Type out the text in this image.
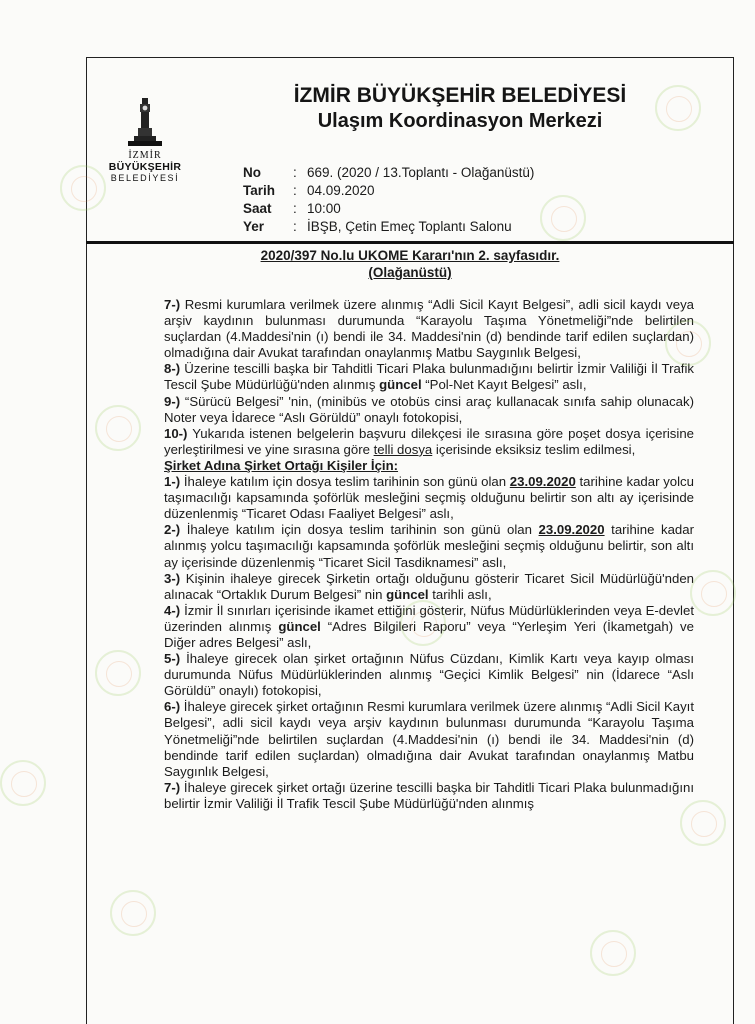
İZMİR
BÜYÜKŞEHİR
BELEDİYESİ
İZMİR BÜYÜKŞEHİR BELEDİYESİ
Ulaşım Koordinasyon Merkezi
No	: 669. (2020 / 13.Toplantı - Olağanüstü)
Tarih	: 04.09.2020
Saat	: 10:00
Yer	: İBŞB, Çetin Emeç Toplantı Salonu
2020/397 No.lu UKOME Kararı'nın 2. sayfasıdır.
(Olağanüstü)

7-) Resmi kurumlara verilmek üzere alınmış “Adli Sicil Kayıt Belgesi”, adli sicil kaydı veya arşiv kaydının bulunması durumunda “Karayolu Taşıma Yönetmeliği”nde belirtilen suçlardan (4.Maddesi'nin (ı) bendi ile 34. Maddesi'nin (d) bendinde tarif edilen suçlardan) olmadığına dair Avukat tarafından onaylanmış Matbu Saygınlık Belgesi,

8-) Üzerine tescilli başka bir Tahditli Ticari Plaka bulunmadığını belirtir İzmir Valiliği İl Trafik Tescil Şube Müdürlüğü'nden alınmış güncel “Pol-Net Kayıt Belgesi” aslı,

9-) “Sürücü Belgesi” 'nin, (minibüs ve otobüs cinsi araç kullanacak sınıfa sahip olunacak) Noter veya İdarece “Aslı Görüldü” onaylı fotokopisi,

10-) Yukarıda istenen belgelerin başvuru dilekçesi ile sırasına göre poşet dosya içerisine yerleştirilmesi ve yine sırasına göre telli dosya içerisinde eksiksiz teslim edilmesi,

Şirket Adına Şirket Ortağı Kişiler İçin:

1-) İhaleye katılım için dosya teslim tarihinin son günü olan 23.09.2020 tarihine kadar yolcu taşımacılığı kapsamında şoförlük mesleğini seçmiş olduğunu belirtir son altı ay içerisinde düzenlenmiş “Ticaret Odası Faaliyet Belgesi” aslı,

2-) İhaleye katılım için dosya teslim tarihinin son günü olan 23.09.2020 tarihine kadar alınmış yolcu taşımacılığı kapsamında şoförlük mesleğini seçmiş olduğunu belirtir, son altı ay içerisinde düzenlenmiş “Ticaret Sicil Tasdiknamesi” aslı,

3-) Kişinin ihaleye girecek Şirketin ortağı olduğunu gösterir Ticaret Sicil Müdürlüğü'nden alınacak “Ortaklık Durum Belgesi” nin güncel tarihli aslı,

4-) İzmir İl sınırları içerisinde ikamet ettiğini gösterir, Nüfus Müdürlüklerinden veya E-devlet üzerinden alınmış güncel “Adres Bilgileri Raporu” veya “Yerleşim Yeri (İkametgah) ve Diğer adres Belgesi” aslı,

5-) İhaleye girecek olan şirket ortağının Nüfus Cüzdanı, Kimlik Kartı veya kayıp olması durumunda Nüfus Müdürlüklerinden alınmış “Geçici Kimlik Belgesi” nin (İdarece “Aslı Görüldü” onaylı) fotokopisi,

6-) İhaleye girecek şirket ortağının Resmi kurumlara verilmek üzere alınmış “Adli Sicil Kayıt Belgesi”, adli sicil kaydı veya arşiv kaydının bulunması durumunda “Karayolu Taşıma Yönetmeliği”nde belirtilen suçlardan (4.Maddesi'nin (ı) bendi ile 34. Maddesi'nin (d) bendinde tarif edilen suçlardan) olmadığına dair Avukat tarafından onaylanmış Matbu Saygınlık Belgesi,

7-) İhaleye girecek şirket ortağı üzerine tescilli başka bir Tahditli Ticari Plaka bulunmadığını belirtir İzmir Valiliği İl Trafik Tescil Şube Müdürlüğü'nden alınmış
